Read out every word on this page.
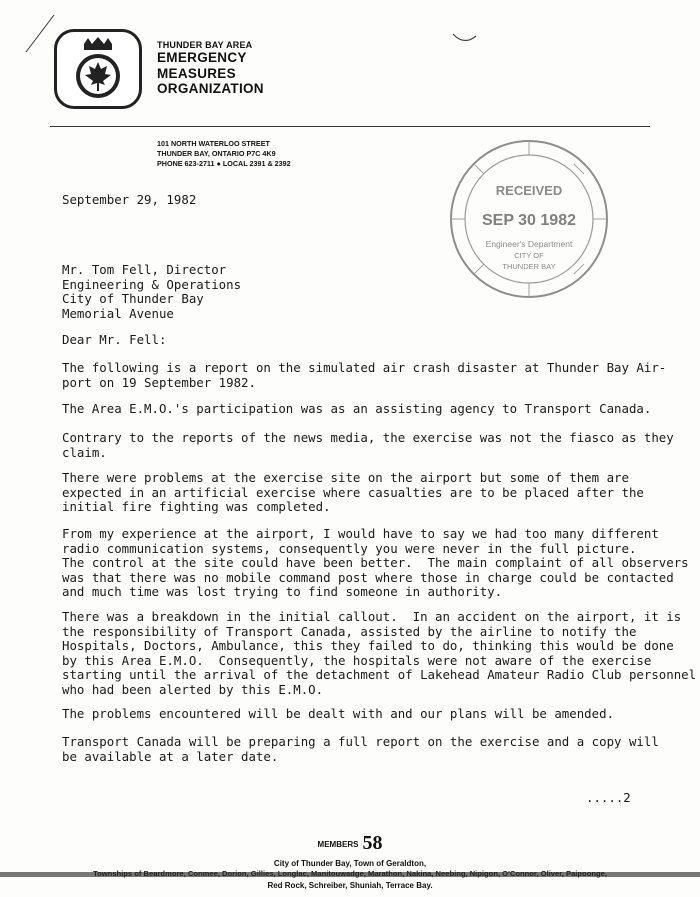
THUNDER BAY AREA
EMERGENCY
MEASURES
ORGANIZATION
101 NORTH WATERLOO STREET
THUNDER BAY, ONTARIO P7C 4K9
PHONE 623-2711 ● LOCAL 2391 & 2392
RECEIVED
SEP 30 1982
Engineer's Department
CITY OF
THUNDER BAY
September 29, 1982
Mr. Tom Fell, Director
Engineering & Operations
City of Thunder Bay
Memorial Avenue
Dear Mr. Fell:
The following is a report on the simulated air crash disaster at Thunder Bay Air-
port on 19 September 1982.
The Area E.M.O.'s participation was as an assisting agency to Transport Canada.
Contrary to the reports of the news media, the exercise was not the fiasco as they
claim.
There were problems at the exercise site on the airport but some of them are
expected in an artificial exercise where casualties are to be placed after the
initial fire fighting was completed.
From my experience at the airport, I would have to say we had too many different
radio communication systems, consequently you were never in the full picture.
The control at the site could have been better.  The main complaint of all observers
was that there was no mobile command post where those in charge could be contacted
and much time was lost trying to find someone in authority.
There was a breakdown in the initial callout.  In an accident on the airport, it is
the responsibility of Transport Canada, assisted by the airline to notify the
Hospitals, Doctors, Ambulance, this they failed to do, thinking this would be done
by this Area E.M.O.  Consequently, the hospitals were not aware of the exercise
starting until the arrival of the detachment of Lakehead Amateur Radio Club personnel
who had been alerted by this E.M.O.
The problems encountered will be dealt with and our plans will be amended.
Transport Canada will be preparing a full report on the exercise and a copy will
be available at a later date.
.....2
MEMBERS 58
City of Thunder Bay, Town of Geraldton,
Townships of Beardmore, Conmee, Dorion, Gillies, Longlac, Manitouwadge, Marathon, Nakina, Neebing, Nipigon, O'Connor, Oliver, Paipoonge,
Red Rock, Schreiber, Shuniah, Terrace Bay.
